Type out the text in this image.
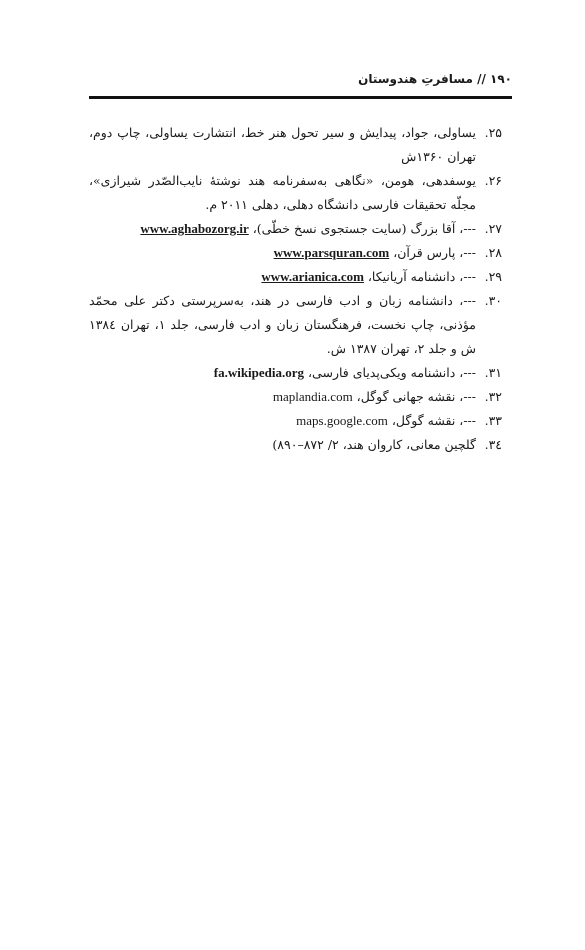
۱۹۰ // مسافرتِ هندوستان
۲۵.
یساولی، جواد، پیدایش و سیر تحول هنر خط، انتشارت یساولی، چاپ دوم، تهران ۱۳۶۰ش
۲۶.
یوسفدهی، هومن، «نگاهی به‌سفرنامه هند نوشتهٔ نایب‌الصّدر شیرازی»، مجلّه تحقیقات فارسی دانشگاه دهلی، دهلی ۲۰۱۱ م.
۲۷.
---، آقا بزرگ (سایت جستجوی نسخ خطّی)، www.aghabozorg.ir
۲۸.
---، پارس قرآن، www.parsquran.com
۲۹.
---، دانشنامه آریانیکا، www.arianica.com
۳۰.
---، دانشنامه زبان و ادب فارسی در هند، به‌سرپرستی دکتر علی محمّد مؤذنی، چاپ نخست، فرهنگستان زبان و ادب فارسی، جلد ۱، تهران ۱۳۸٤ ش و جلد ۲، تهران ۱۳۸۷ ش.
۳۱.
---، دانشنامه ویکی‌پدیای فارسی، fa.wikipedia.org
۳۲.
---، نقشه جهانی گوگل، maplandia.com
۳۳.
---، نقشه گوگل، maps.google.com
۳٤.
گلچین معانی، کاروان هند، ۲/ ۸۷۲–۸۹۰)
